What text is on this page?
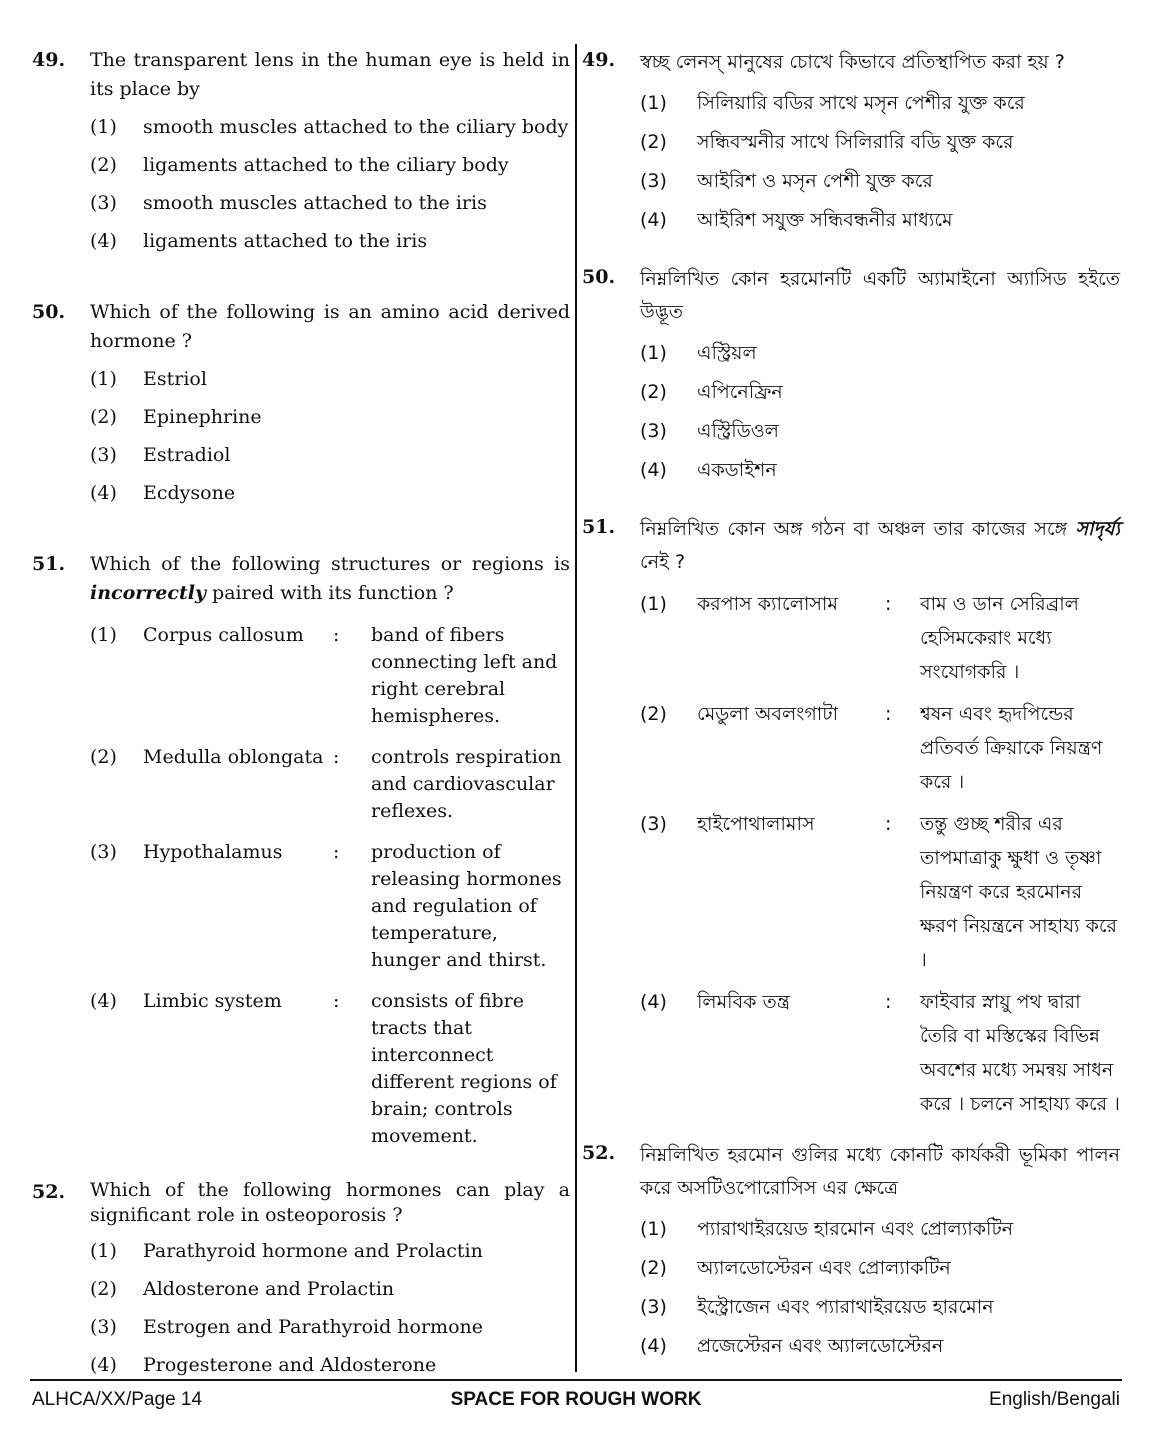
49. The transparent lens in the human eye is held in its place by
(1) smooth muscles attached to the ciliary body
(2) ligaments attached to the ciliary body
(3) smooth muscles attached to the iris
(4) ligaments attached to the iris
50. Which of the following is an amino acid derived hormone ?
(1) Estriol
(2) Epinephrine
(3) Estradiol
(4) Ecdysone
51. Which of the following structures or regions is incorrectly paired with its function ?
(1) Corpus callosum	: band of fibers connecting left and right cerebral hemispheres.
(2) Medulla oblongata : controls respiration and cardiovascular reflexes.
(3) Hypothalamus	: production of releasing hormones and regulation of temperature, hunger and thirst.
(4) Limbic system	: consists of fibre tracts that interconnect different regions of brain; controls movement.
52. Which of the following hormones can play a significant role in osteoporosis ?
(1) Parathyroid hormone and Prolactin
(2) Aldosterone and Prolactin
(3) Estrogen and Parathyroid hormone
(4) Progesterone and Aldosterone
49. স্বচ্ছ লেনস্ মানুষের চোখে কিভাবে প্রতিস্থাপিত করা হয় ?
(1) সিলিয়ারি বডির সাথে মসৃন পেশীর যুক্ত করে
(2) সন্ধিবস্মনীর সাথে সিলিরারি বডি যুক্ত করে
(3) আইরিশ ও মসৃন পেশী যুক্ত করে
(4) আইরিশ সযুক্ত সন্ধিবন্ধনীর মাধ্যমে
50. নিম্নলিখিত কোন হরমোনটি একটি অ্যামাইনো অ্যাসিড হইতে উদ্ভূত
(1) এস্ট্রিয়ল
(2) এপিনেফ্রিন
(3) এস্ট্রিডিওল
(4) একডাইশন
51. নিম্নলিখিত কোন অঙ্গ গঠন বা অঞ্চল তার কাজের সঙ্গে সাদৃর্য্য নেই ?
(1) করপাস ক্যালোসাম	: বাম ও ডান সেরিব্রাল হেসিমকেরাং মধ্যে সংযোগকরি ।
(2) মেডুলা অবলংগাটা	: শ্বষন এবং হৃদপিন্ডের প্রতিবর্ত ক্রিয়াকে নিয়ন্ত্রণ করে ।
(3) হাইপোথালামাস	: তন্তু গুচ্ছ শরীর এর তাপমাত্রাকু ক্ষুধা ও তৃষ্ণা নিয়ন্ত্রণ করে হরমোনর ক্ষরণ নিয়ন্ত্রনে সাহায্য করে ।
(4) লিমবিক তন্ত্র	: ফাইবার স্নায়ু পথ দ্বারা তৈরি বা মস্তিস্কের বিভিন্ন অবশের মধ্যে সমন্বয় সাধন করে । চলনে সাহায্য করে ।
52. নিম্নলিখিত হরমোন গুলির মধ্যে কোনটি কার্যকরী ভূমিকা পালন করে অসটিওপোরোসিস এর ক্ষেত্রে
(1) প্যারাথাইরয়েড হারমোন এবং প্রোল্যাকটিন
(2) অ্যালডোস্টেরন এবং প্রোল্যাকটিন
(3) ইস্ট্রোজেন এবং প্যারাথাইরয়েড হারমোন
(4) প্রজেস্টেরন এবং অ্যালডোস্টেরন
ALHCA/XX/Page 14	SPACE FOR ROUGH WORK	English/Bengali
